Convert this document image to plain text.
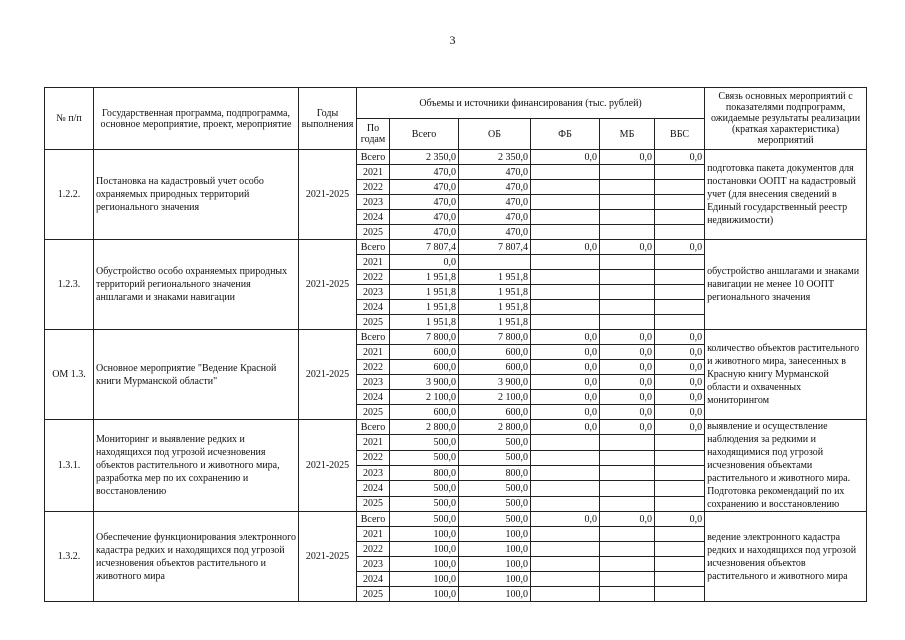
3
№ п/п	Государственная программа, подпрограмма, основное мероприятие, проект, мероприятие	Годы выполнения	Объемы и источники финансирования (тыс. рублей)						Связь основных мероприятий с показателями подпрограмм, ожидаемые результаты реализации (краткая характеристика) мероприятий
			По годам	Всего	ОБ	ФБ	МБ	ВБС	
1.2.2.	Постановка на кадастровый учет особо охраняемых природных территорий регионального значения	2021-2025	Всего	2 350,0	2 350,0	0,0	0,0	0,0	подготовка пакета документов для постановки ООПТ на кадастровый учет (для внесения сведений в Единый государственный реестр недвижимости)
			2021	470,0	470,0				
			2022	470,0	470,0				
			2023	470,0	470,0				
			2024	470,0	470,0				
			2025	470,0	470,0				
1.2.3.	Обустройство особо охраняемых природных территорий регионального значения аншлагами и знаками навигации	2021-2025	Всего	7 807,4	7 807,4	0,0	0,0	0,0	обустройство аншлагами и знаками навигации не менее 10 ООПТ регионального значения
			2021	0,0					
			2022	1 951,8	1 951,8				
			2023	1 951,8	1 951,8				
			2024	1 951,8	1 951,8				
			2025	1 951,8	1 951,8				
ОМ 1.3.	Основное мероприятие "Ведение Красной книги Мурманской области"	2021-2025	Всего	7 800,0	7 800,0	0,0	0,0	0,0	количество объектов растительного и животного мира, занесенных в Красную книгу Мурманской области и охваченных мониторингом
			2021	600,0	600,0	0,0	0,0	0,0	
			2022	600,0	600,0	0,0	0,0	0,0	
			2023	3 900,0	3 900,0	0,0	0,0	0,0	
			2024	2 100,0	2 100,0	0,0	0,0	0,0	
			2025	600,0	600,0	0,0	0,0	0,0	
1.3.1.	Мониторинг и выявление редких и находящихся под угрозой исчезновения объектов растительного и животного мира, разработка мер по их сохранению и восстановлению	2021-2025	Всего	2 800,0	2 800,0	0,0	0,0	0,0	выявление и осуществление наблюдения за редкими и находящимися под угрозой исчезновения объектами растительного и животного мира. Подготовка рекомендаций по их сохранению и восстановлению
			2021	500,0	500,0				
			2022	500,0	500,0				
			2023	800,0	800,0				
			2024	500,0	500,0				
			2025	500,0	500,0				
1.3.2.	Обеспечение функционирования электронного кадастра редких и находящихся под угрозой исчезновения объектов растительного и животного мира	2021-2025	Всего	500,0	500,0	0,0	0,0	0,0	ведение электронного кадастра редких и находящихся под угрозой исчезновения объектов растительного и животного мира
			2021	100,0	100,0				
			2022	100,0	100,0				
			2023	100,0	100,0				
			2024	100,0	100,0				
			2025	100,0	100,0				
